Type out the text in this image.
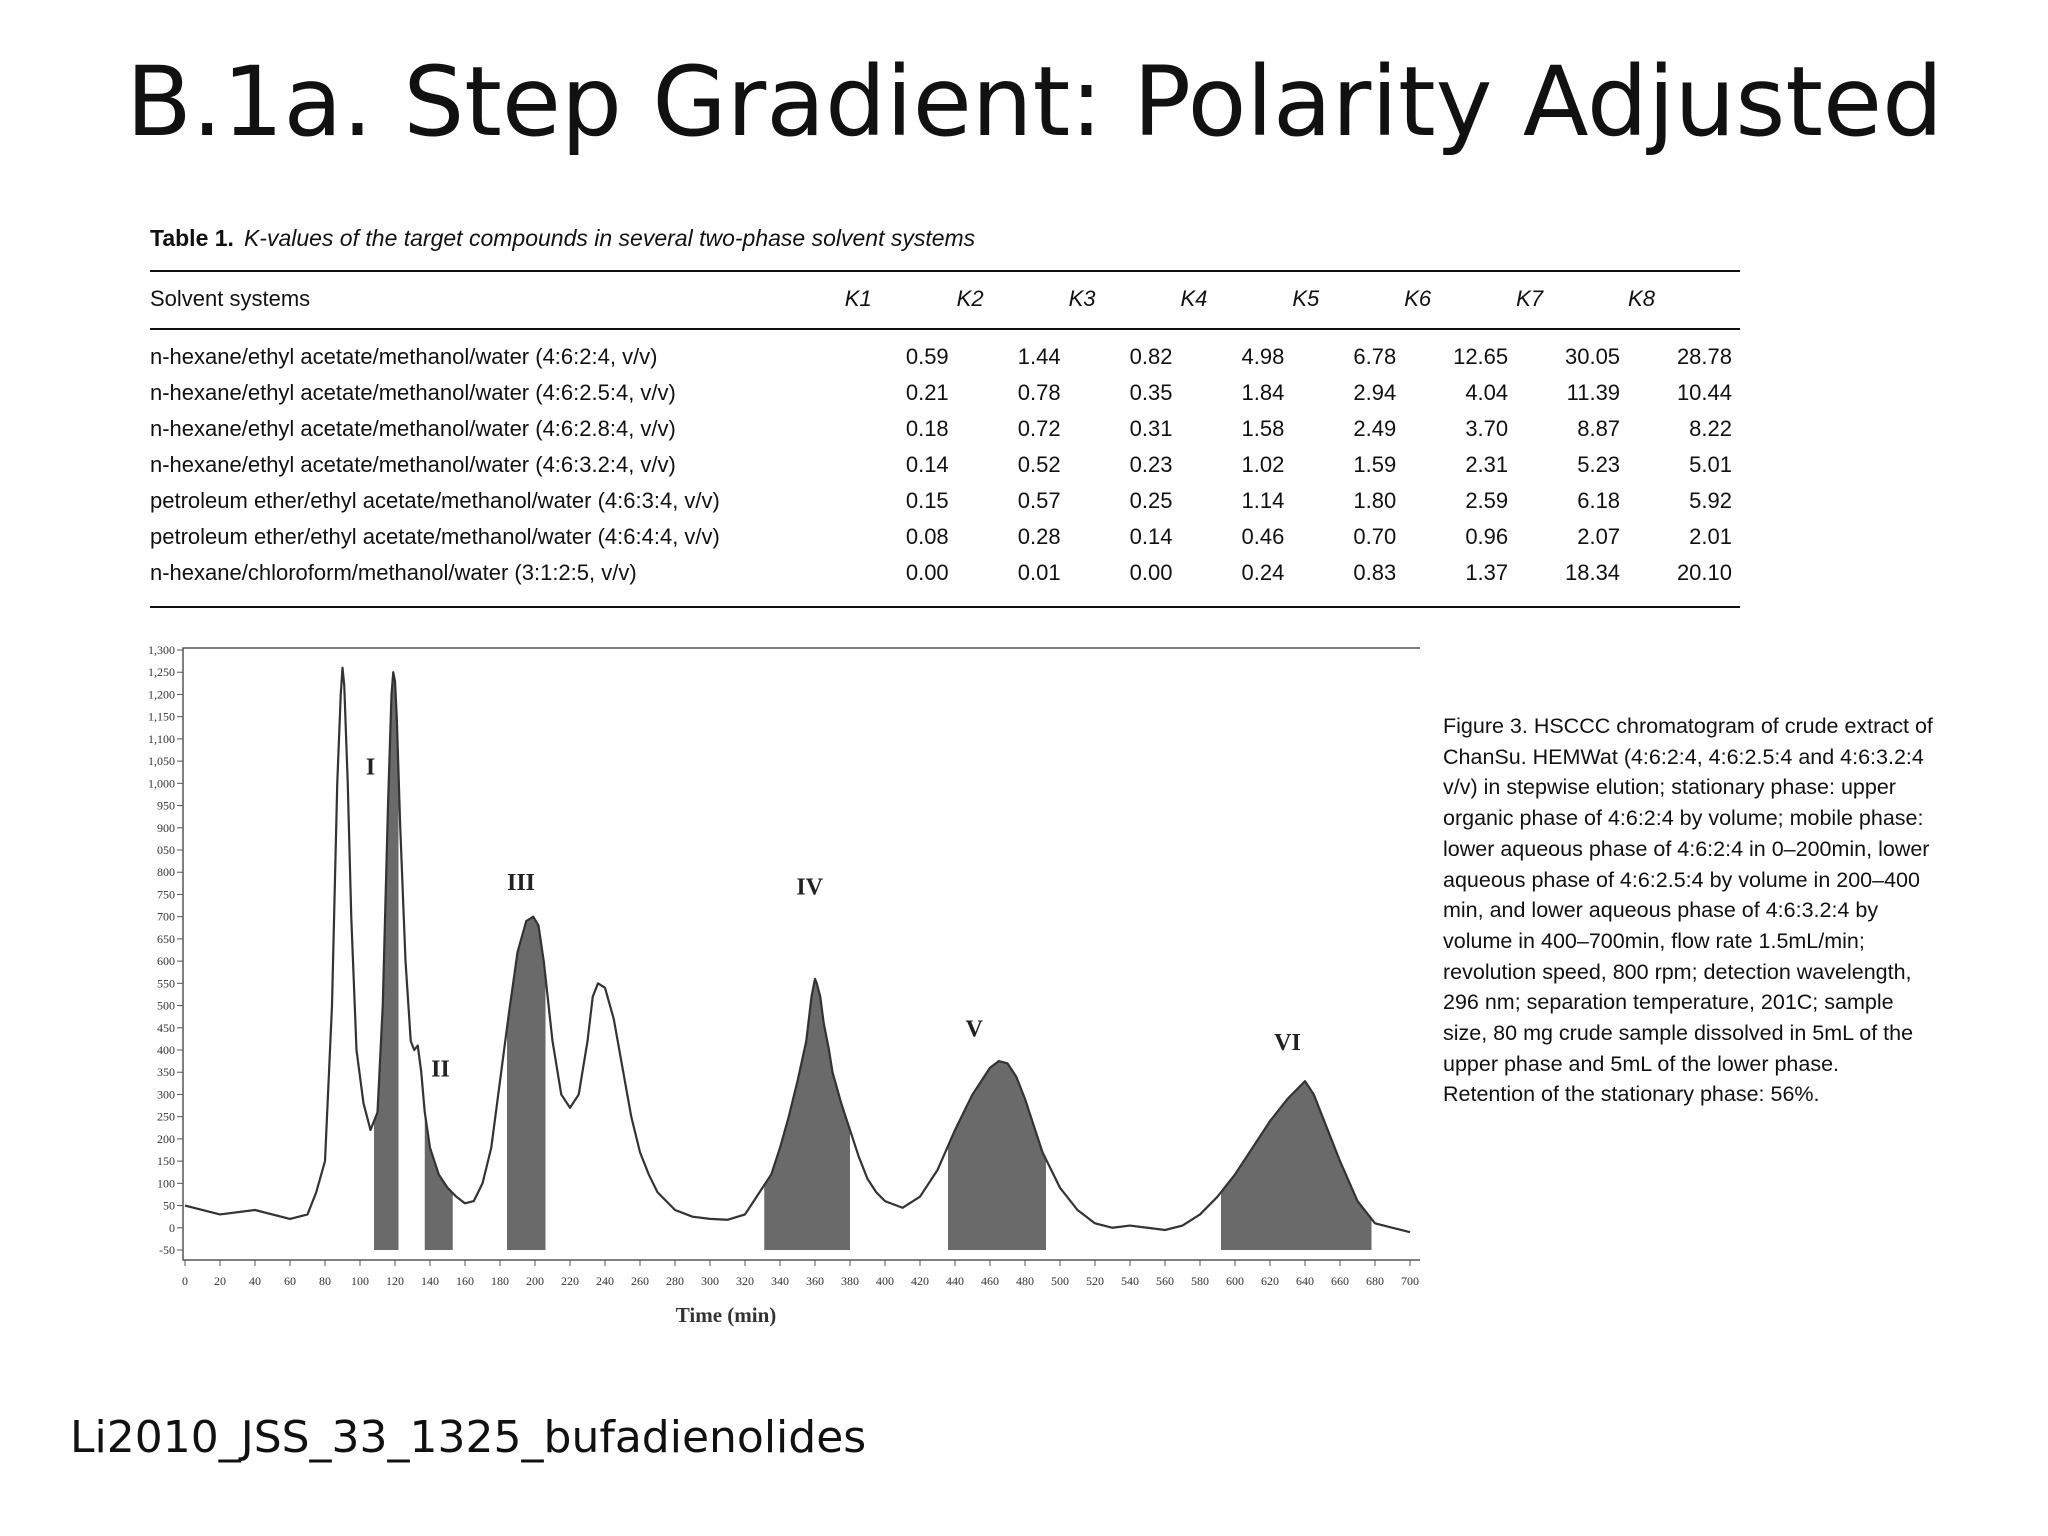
B.1a. Step Gradient: Polarity Adjusted

Table 1. K-values of the target compounds in several two-phase solvent systems

Solvent systems	K1	K2	K3	K4	K5	K6	K7	K8
n-hexane/ethyl acetate/methanol/water (4:6:2:4, v/v)	0.59	1.44	0.82	4.98	6.78	12.65	30.05	28.78
n-hexane/ethyl acetate/methanol/water (4:6:2.5:4, v/v)	0.21	0.78	0.35	1.84	2.94	4.04	11.39	10.44
n-hexane/ethyl acetate/methanol/water (4:6:2.8:4, v/v)	0.18	0.72	0.31	1.58	2.49	3.70	8.87	8.22
n-hexane/ethyl acetate/methanol/water (4:6:3.2:4, v/v)	0.14	0.52	0.23	1.02	1.59	2.31	5.23	5.01
petroleum ether/ethyl acetate/methanol/water (4:6:3:4, v/v)	0.15	0.57	0.25	1.14	1.80	2.59	6.18	5.92
petroleum ether/ethyl acetate/methanol/water (4:6:4:4, v/v)	0.08	0.28	0.14	0.46	0.70	0.96	2.07	2.01
n-hexane/chloroform/methanol/water (3:1:2:5, v/v)	0.00	0.01	0.00	0.24	0.83	1.37	18.34	20.10
1,300
1,250
1,200
1,150
1,100
1,050
1,000
950
900
050
800
750
700
650
600
550
500
450
400
350
300
250
200
150
100
50
0
-50
0 20 40 60 80 100 120 140 160 180 200 220 240 260 280 300 320 340 360 380 400 420 440 460 480 500 520 540 560 580 600 620 640 660 680 700
I
II
III	IV
V
VI
Time (min)

Figure 3. HSCCC chromatogram of crude extract of ChanSu. HEMWat (4:6:2:4, 4:6:2.5:4 and 4:6:3.2:4 v/v) in stepwise elution; stationary phase: upper organic phase of 4:6:2:4 by volume; mobile phase: lower aqueous phase of 4:6:2:4 in 0–200min, lower aqueous phase of 4:6:2.5:4 by volume in 200–400 min, and lower aqueous phase of 4:6:3.2:4 by volume in 400–700min, flow rate 1.5mL/min; revolution speed, 800 rpm; detection wavelength, 296 nm; separation temperature, 201C; sample size, 80 mg crude sample dissolved in 5mL of the upper phase and 5mL of the lower phase. Retention of the stationary phase: 56%.

Li2010_JSS_33_1325_bufadienolides
